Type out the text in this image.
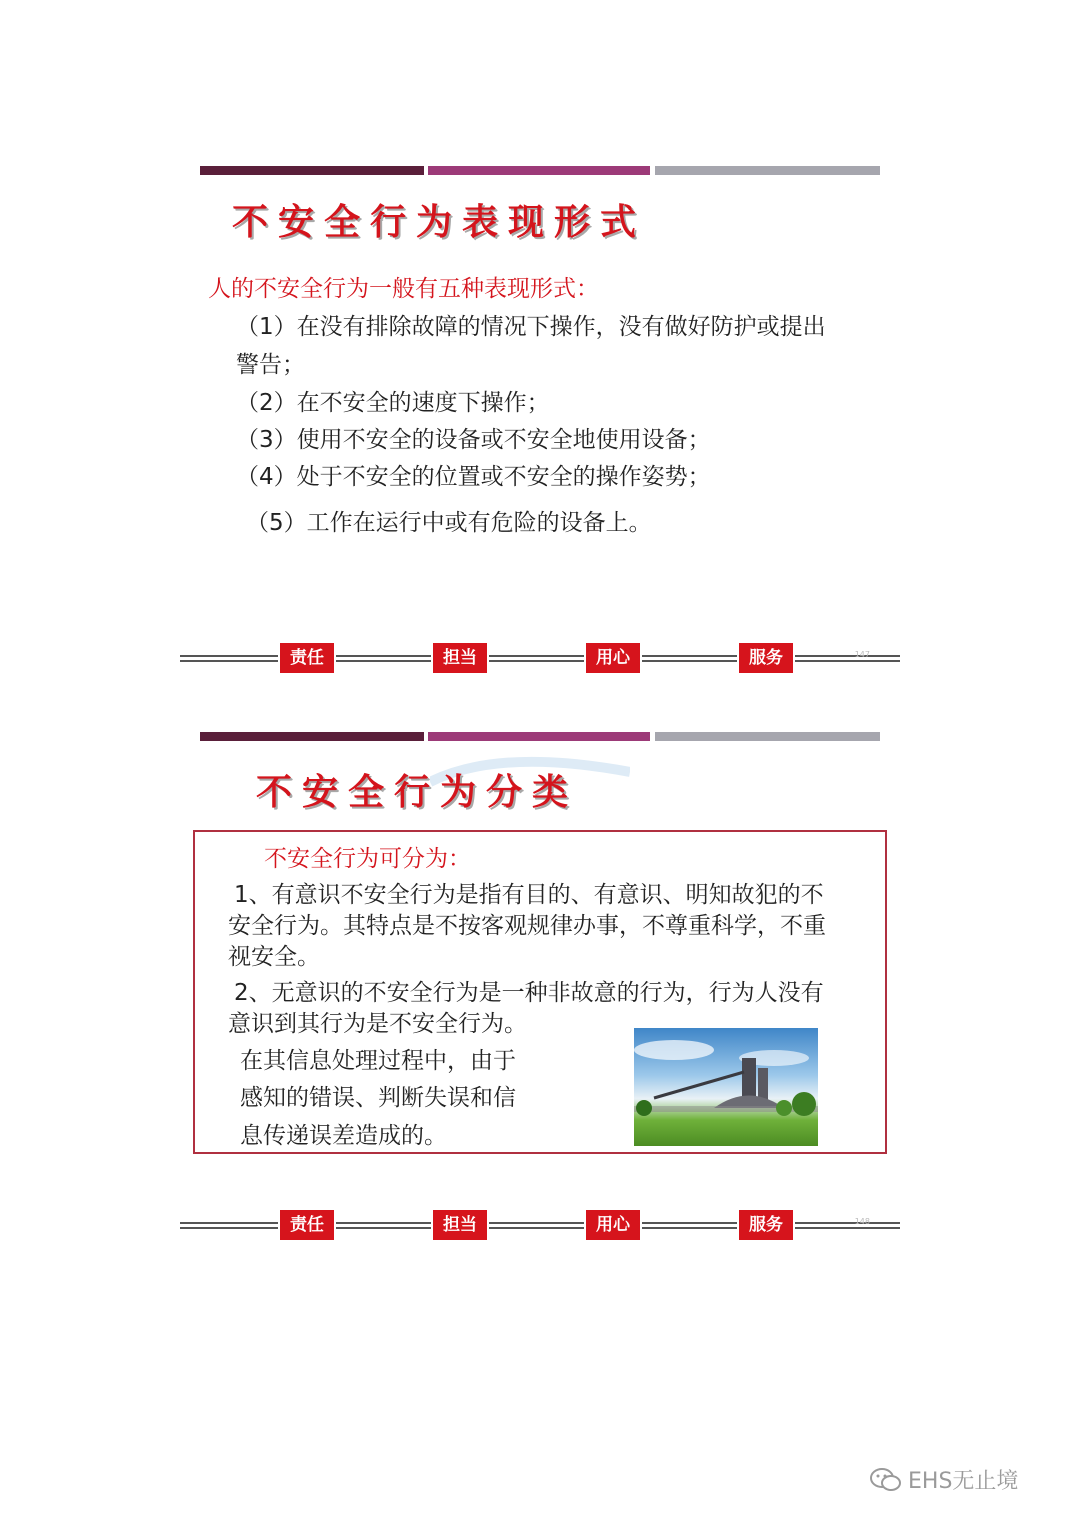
不安全行为表现形式
人的不安全行为一般有五种表现形式：
（1）在没有排除故障的情况下操作，没有做好防护或提出
警告；
（2）在不安全的速度下操作；
（3）使用不安全的设备或不安全地使用设备；
（4）处于不安全的位置或不安全的操作姿势；
（5）工作在运行中或有危险的设备上。
责任	担当	用心	服务	147
不安全行为分类
不安全行为可分为：
1、有意识不安全行为是指有目的、有意识、明知故犯的不
安全行为。其特点是不按客观规律办事，不尊重科学，不重
视安全。
2、无意识的不安全行为是一种非故意的行为，行为人没有
意识到其行为是不安全行为。
在其信息处理过程中，由于
感知的错误、判断失误和信
息传递误差造成的。
责任	担当	用心	服务	148
EHS无止境
